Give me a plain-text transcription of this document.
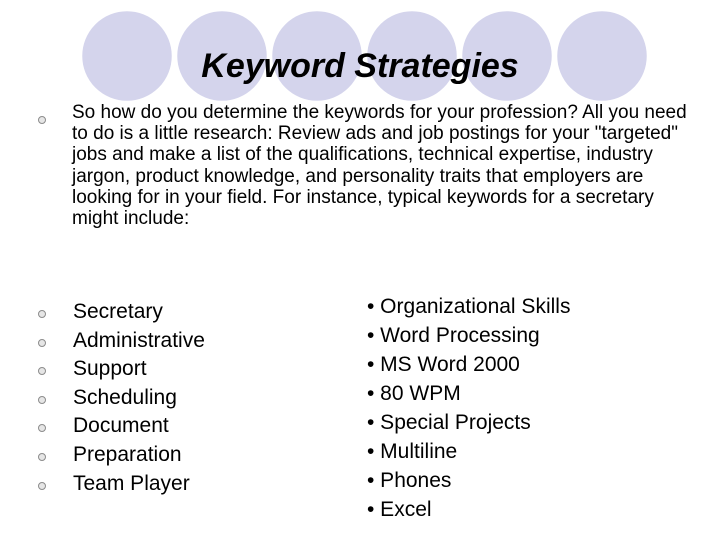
Keyword Strategies

So how do you determine the keywords for your profession? All you need to do is a little research: Review ads and job postings for your "targeted" jobs and make a list of the qualifications, technical expertise, industry jargon, product knowledge, and personality traits that employers are looking for in your field. For instance, typical keywords for a secretary might include:

Secretary
Administrative
Support
Scheduling
Document
Preparation
Team Player
• Organizational Skills
• Word Processing
• MS Word 2000
• 80 WPM
• Special Projects
• Multiline
• Phones
• Excel
